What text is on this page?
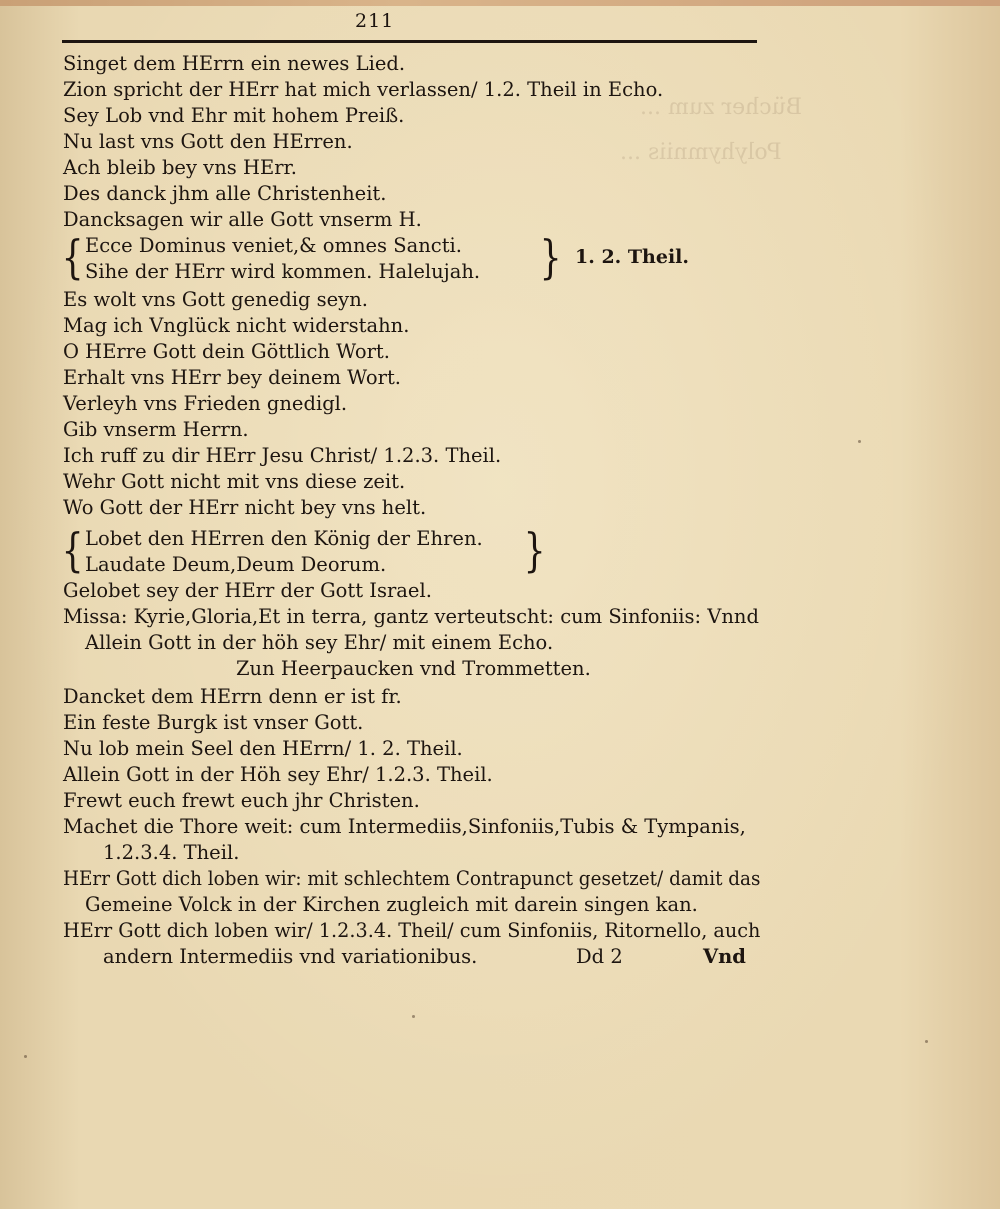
Bücher zum ...
Polyhymniis ...
211
Singet dem HErrn ein newes Lied.
Zion spricht der HErr hat mich verlassen/ 1.2. Theil in Echo.
Sey Lob vnd Ehr mit hohem Preiß.
Nu last vns Gott den HErren.
Ach bleib bey vns HErr.
Des danck jhm alle Christenheit.
Dancksagen wir alle Gott vnserm H.
{ Ecce Dominus veniet,& omnes Sancti.
Sihe der HErr wird kommen. Halelujah. } 1. 2. Theil.
Es wolt vns Gott genedig seyn.
Mag ich Vnglück nicht widerstahn.
O HErre Gott dein Göttlich Wort.
Erhalt vns HErr bey deinem Wort.
Verleyh vns Frieden gnedigl.
Gib vnserm Herrn.
Ich ruff zu dir HErr Jesu Christ/ 1.2.3. Theil.
Wehr Gott nicht mit vns diese zeit.
Wo Gott der HErr nicht bey vns helt.
{ Lobet den HErren den König der Ehren.
Laudate Deum,Deum Deorum.	}
Gelobet sey der HErr der Gott Israel.
Missa: Kyrie,Gloria,Et in terra, gantz verteutscht: cum Sinfoniis: Vnnd
Allein Gott in der höh sey Ehr/ mit einem Echo.
Zun Heerpaucken vnd Trommetten.
Dancket dem HErrn denn er ist fr.
Ein feste Burgk ist vnser Gott.
Nu lob mein Seel den HErrn/ 1. 2. Theil.
Allein Gott in der Höh sey Ehr/ 1.2.3. Theil.
Frewt euch frewt euch jhr Christen.
Machet die Thore weit: cum Intermediis,Sinfoniis,Tubis & Tympanis,
1.2.3.4. Theil.
HErr Gott dich loben wir: mit schlechtem Contrapunct gesetzet/ damit das
Gemeine Volck in der Kirchen zugleich mit darein singen kan.
HErr Gott dich loben wir/ 1.2.3.4. Theil/ cum Sinfoniis, Ritornello, auch
andern Intermediis vnd variationibus.	Dd 2	Vnd
